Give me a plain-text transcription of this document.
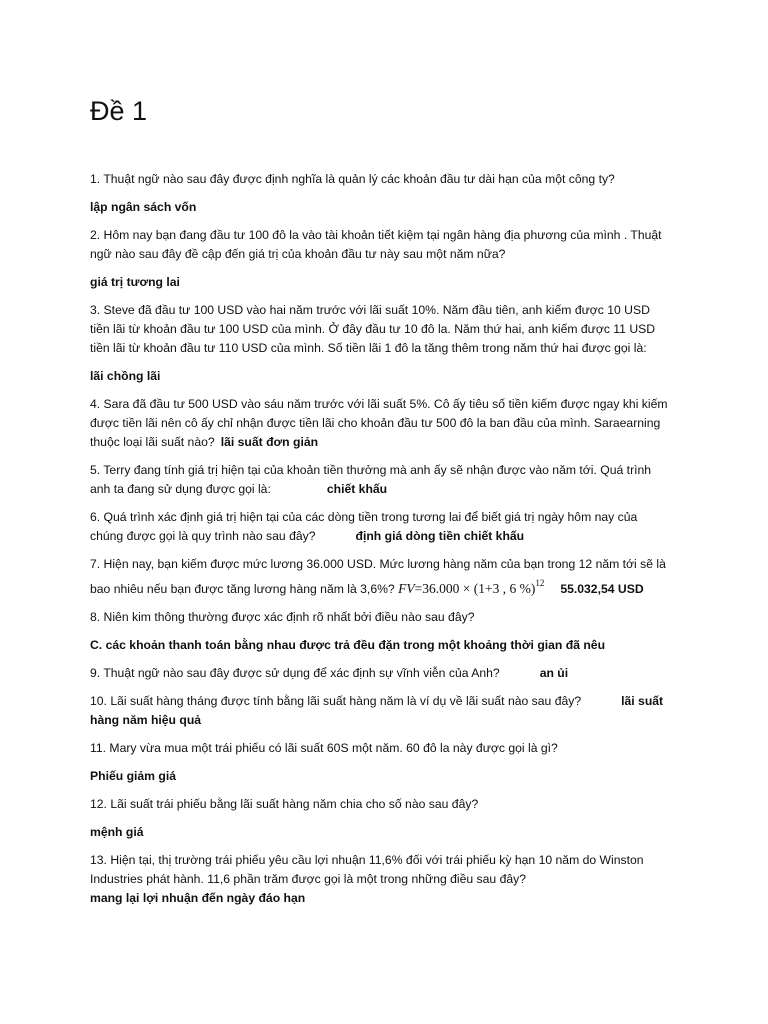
Đề 1

1. Thuật ngữ nào sau đây được định nghĩa là quản lý các khoản đầu tư dài hạn của một công ty?

lập ngân sách vốn

2. Hôm nay bạn đang đầu tư 100 đô la vào tài khoản tiết kiệm tại ngân hàng địa phương của mình . Thuật ngữ nào sau đây đề cập đến giá trị của khoản đầu tư này sau một năm nữa?

giá trị tương lai

3. Steve đã đầu tư 100 USD vào hai năm trước với lãi suất 10%. Năm đầu tiên, anh kiếm được 10 USD tiền lãi từ khoản đầu tư 100 USD của mình. Ở đây đầu tư 10 đô la. Năm thứ hai, anh kiếm được 11 USD tiền lãi từ khoản đầu tư 110 USD của mình. Số tiền lãi 1 đô la tăng thêm trong năm thứ hai được gọi là:

lãi chồng lãi

4. Sara đã đầu tư 500 USD vào sáu năm trước với lãi suất 5%. Cô ấy tiêu số tiền kiếm được ngay khi kiếm được tiền lãi nên cô ấy chỉ nhận được tiền lãi cho khoản đầu tư 500 đô la ban đầu của mình. Saraearning thuộc loại lãi suất nào? lãi suất đơn giản

5. Terry đang tính giá trị hiện tại của khoản tiền thưởng mà anh ấy sẽ nhận được vào năm tới. Quá trình anh ta đang sử dụng được gọi là:	chiết khấu

6. Quá trình xác định giá trị hiện tại của các dòng tiền trong tương lai để biết giá trị ngày hôm nay của chúng được gọi là quy trình nào sau đây?	định giá dòng tiền chiết khấu

7. Hiện nay, bạn kiếm được mức lương 36.000 USD. Mức lương hàng năm của bạn trong 12 năm tới sẽ là bao nhiêu nếu bạn được tăng lương hàng năm là 3,6%? FV=36.000 × (1+3 , 6 %)$^{12}$ 55.032,54 USD

8. Niên kim thông thường được xác định rõ nhất bởi điều nào sau đây?

C. các khoản thanh toán bằng nhau được trả đều đặn trong một khoảng thời gian đã nêu

9. Thuật ngữ nào sau đây được sử dụng để xác định sự vĩnh viễn của Anh?	an ủi

10. Lãi suất hàng tháng được tính bằng lãi suất hàng năm là ví dụ về lãi suất nào sau đây?	lãi suất hàng năm hiệu quả

11. Mary vừa mua một trái phiếu có lãi suất 60S một năm. 60 đô la này được gọi là gì?

Phiếu giảm giá

12. Lãi suất trái phiếu bằng lãi suất hàng năm chia cho số nào sau đây?

mệnh giá

13. Hiện tại, thị trường trái phiếu yêu cầu lợi nhuận 11,6% đối với trái phiếu kỳ hạn 10 năm do Winston Industries phát hành. 11,6 phần trăm được gọi là một trong những điều sau đây?

mang lại lợi nhuận đến ngày đáo hạn
